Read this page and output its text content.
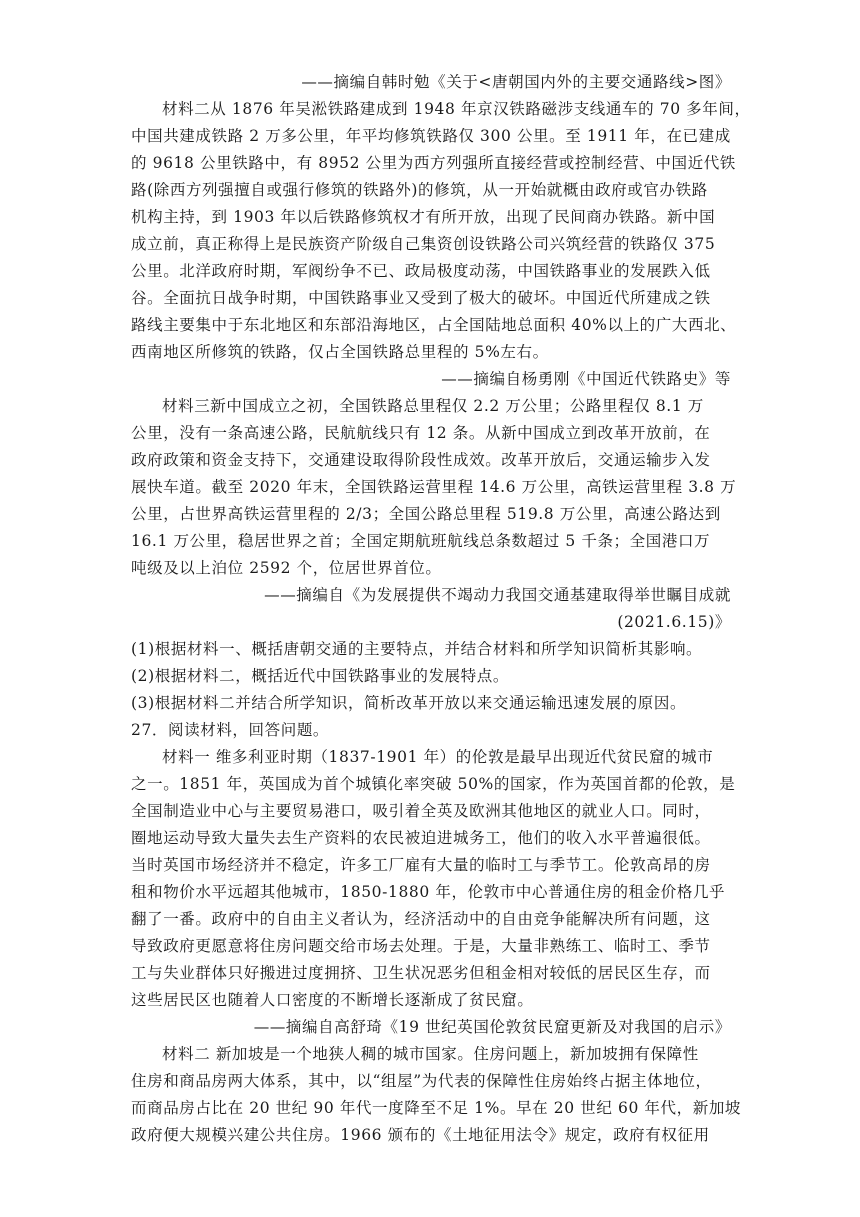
——摘编自韩时勉《关于<唐朝国内外的主要交通路线>图》
材料二从 1876 年吴淞铁路建成到 1948 年京汉铁路磁涉支线通车的 70 多年间，
中国共建成铁路 2 万多公里，年平均修筑铁路仅 300 公里。至 1911 年，在已建成
的 9618 公里铁路中，有 8952 公里为西方列强所直接经营或控制经营、中国近代铁
路(除西方列强擅自或强行修筑的铁路外)的修筑，从一开始就概由政府或官办铁路
机构主持，到 1903 年以后铁路修筑权才有所开放，出现了民间商办铁路。新中国
成立前，真正称得上是民族资产阶级自己集资创设铁路公司兴筑经营的铁路仅 375
公里。北洋政府时期，军阀纷争不已、政局极度动荡，中国铁路事业的发展跌入低
谷。全面抗日战争时期，中国铁路事业又受到了极大的破坏。中国近代所建成之铁
路线主要集中于东北地区和东部沿海地区，占全国陆地总面积 40%以上的广大西北、
西南地区所修筑的铁路，仅占全国铁路总里程的 5%左右。
——摘编自杨勇刚《中国近代铁路史》等
材料三新中国成立之初，全国铁路总里程仅 2.2 万公里；公路里程仅 8.1 万
公里，没有一条高速公路，民航航线只有 12 条。从新中国成立到改革开放前，在
政府政策和资金支持下，交通建设取得阶段性成效。改革开放后，交通运输步入发
展快车道。截至 2020 年末，全国铁路运营里程 14.6 万公里，高铁运营里程 3.8 万
公里，占世界高铁运营里程的 2/3；全国公路总里程 519.8 万公里，高速公路达到
16.1 万公里，稳居世界之首；全国定期航班航线总条数超过 5 千条；全国港口万
吨级及以上泊位 2592 个，位居世界首位。
——摘编自《为发展提供不竭动力我国交通基建取得举世瞩目成就
(2021.6.15)》
(1)根据材料一、概括唐朝交通的主要特点，并结合材料和所学知识简析其影响。
(2)根据材料二，概括近代中国铁路事业的发展特点。
(3)根据材料二并结合所学知识，简析改革开放以来交通运输迅速发展的原因。
27．阅读材料，回答问题。
材料一 维多利亚时期（1837-1901 年）的伦敦是最早出现近代贫民窟的城市
之一。1851 年，英国成为首个城镇化率突破 50%的国家，作为英国首都的伦敦，是
全国制造业中心与主要贸易港口，吸引着全英及欧洲其他地区的就业人口。同时，
圈地运动导致大量失去生产资料的农民被迫进城务工，他们的收入水平普遍很低。
当时英国市场经济并不稳定，许多工厂雇有大量的临时工与季节工。伦敦高昂的房
租和物价水平远超其他城市，1850-1880 年，伦敦市中心普通住房的租金价格几乎
翻了一番。政府中的自由主义者认为，经济活动中的自由竞争能解决所有问题，这
导致政府更愿意将住房问题交给市场去处理。于是，大量非熟练工、临时工、季节
工与失业群体只好搬进过度拥挤、卫生状况恶劣但租金相对较低的居民区生存，而
这些居民区也随着人口密度的不断增长逐渐成了贫民窟。
——摘编自高舒琦《19 世纪英国伦敦贫民窟更新及对我国的启示》
材料二 新加坡是一个地狭人稠的城市国家。住房问题上，新加坡拥有保障性
住房和商品房两大体系，其中，以“组屋”为代表的保障性住房始终占据主体地位，
而商品房占比在 20 世纪 90 年代一度降至不足 1%。早在 20 世纪 60 年代，新加坡
政府便大规模兴建公共住房。1966 颁布的《土地征用法令》规定，政府有权征用
